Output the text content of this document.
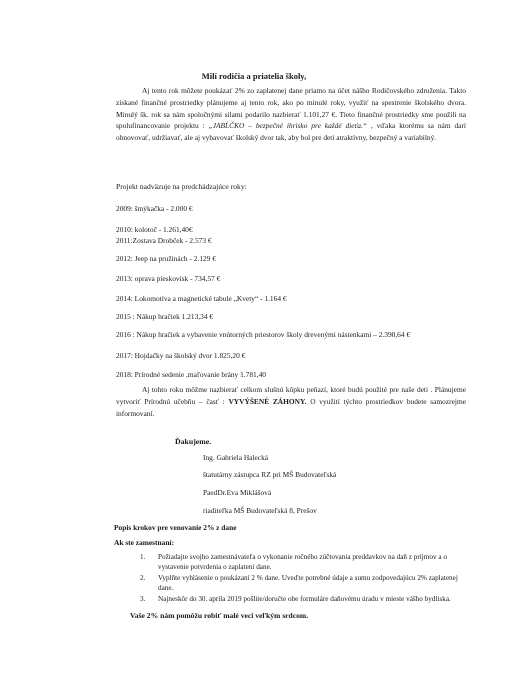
Milí rodičia a priatelia školy,

Aj tento rok môžete poukázať 2% zo zaplatenej dane priamo na účet nášho Rodičovského združenia. Takto získané finančné prostriedky plánujeme aj tento rok, ako po minulé roky, využiť na spestrenie školského dvora. Minulý šk. rok sa nám spoločnými silami podarilo nazbierať 1.101,27 €. Tieto finančné prostriedky sme použili na spolufinancovanie projektu : „JABĹČKO – bezpečné ihrisko pre každé dieťa.“ , vďaka ktorému sa nám darí obnovovať, udržiavať, ale aj vybavovať školský dvor tak, aby bol pre deti atraktívny, bezpečný a variabilný.

Projekt nadväzuje na predchádzajúce roky:
2009: šmýkačka - 2.000 €
2010: kolotoč - 1.261,40€
2011:Zostava Drobček - 2.573 €
2012: Jeep na pružinách - 2.129 €
2013: oprava pieskovísk - 734,57 €
2014: Lokomotíva a magnetické tabule „Kvety“ - 1.164 €
2015 : Nákup hračiek 1.213,34 €
2016 : Nákup hračiek a vybavenie vnútorných priestorov školy drevenými nástenkami – 2.390,64 €
2017: Hojdačky na školský dvor 1.825,20 €
2018: Prírodné sedenie ,maľovanie brány 1.781,40

Aj tohto roku môžme nazbierať celkom slušnú kôpku peňazí, ktoré budú použité pre naše deti . Plánujeme vytvoriť Prírodnú učebňu – časť : VYVÝŠENÉ ZÁHONY. O využití týchto prostriedkov budete samozrejme informovaní.

Ďakujeme.
Ing. Gabriela Halecká
štatutárny zástupca RZ pri MŠ Budovateľská
PaedDr.Eva Miklášová
riaditeľka MŠ Budovateľská 8, Prešov
Popis krokov pre venovanie 2% z dane
Ak ste zamestnaní:
1. Požiadajte svojho zamestnávateľa o vykonanie ročného zúčtovania preddavkov na daň z príjmov a o vystavenie potvrdenia o zaplatení dane.
2. Vyplňte vyhlásenie o poukázaní 2 % dane. Uveďte potrebné údaje a sumu zodpovedajúcu 2% zaplatenej dane.
3. Najneskôr do 30. apríla 2019 pošlite/doručte obe formuláre daňovému úradu v mieste vášho bydliska.
Vaše 2% nám pomôžu robiť malé veci veľkým srdcom.
